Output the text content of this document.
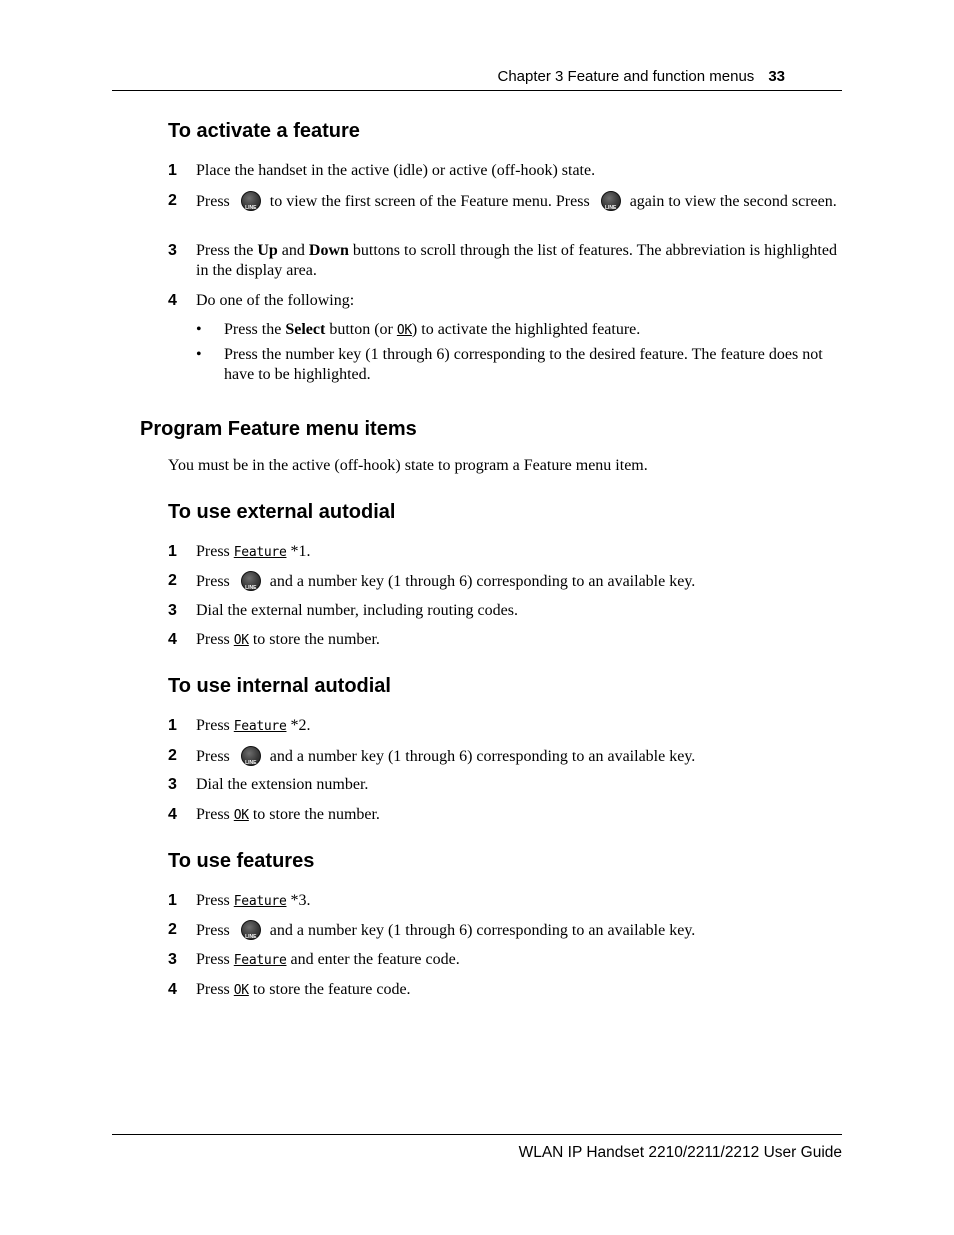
Chapter 3 Feature and function menus 33
To activate a feature
1 Place the handset in the active (idle) or active (off-hook) state.
2 Press	LINE to view the first screen of the Feature menu. Press	LINE again to view the second screen.
3 Press the Up and Down buttons to scroll through the list of features. The abbreviation is highlighted in the display area.
4 Do one of the following:
• Press the Select button (or OK) to activate the highlighted feature.
• Press the number key (1 through 6) corresponding to the desired feature. The feature does not have to be highlighted.
Program Feature menu items
You must be in the active (off-hook) state to program a Feature menu item.
To use external autodial
1 Press Feature *1.
2 Press	LINE and a number key (1 through 6) corresponding to an available key.
3 Dial the external number, including routing codes.
4 Press OK to store the number.
To use internal autodial
1 Press Feature *2.
2 Press	LINE and a number key (1 through 6) corresponding to an available key.
3 Dial the extension number.
4 Press OK to store the number.
To use features
1 Press Feature *3.
2 Press	LINE and a number key (1 through 6) corresponding to an available key.
3 Press Feature and enter the feature code.
4 Press OK to store the feature code.
WLAN IP Handset 2210/2211/2212 User Guide
